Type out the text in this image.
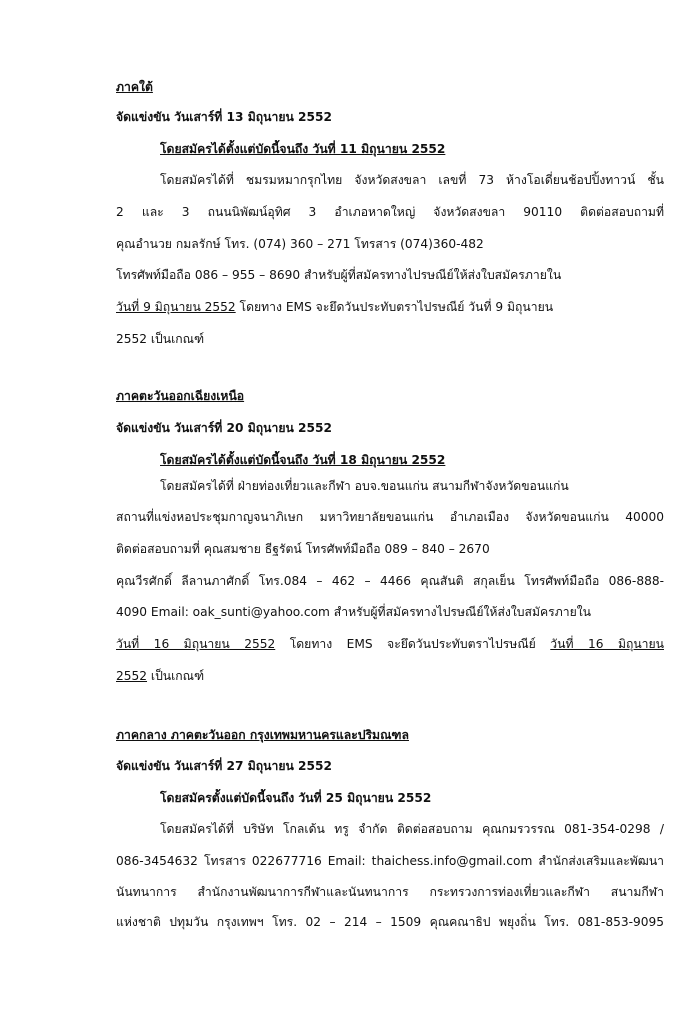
ภาคใต้
จัดแข่งขัน วันเสาร์ที่ 13 มิถุนายน 2552
โดยสมัครได้ตั้งแต่บัดนี้จนถึง วันที่ 11 มิถุนายน 2552
โดยสมัครได้ที่ ชมรมหมากรุกไทย จังหวัดสงขลา เลขที่ 73 ห้างโอเดี่ยนช้อปปิ้งทาวน์ ชั้น
2 และ 3 ถนนนิพัฒน์อุทิศ 3 อำเภอหาดใหญ่ จังหวัดสงขลา 90110 ติดต่อสอบถามที่
คุณอำนวย กมลรักษ์ โทร. (074) 360 – 271 โทรสาร (074)360-482
โทรศัพท์มือถือ 086 – 955 – 8690 สำหรับผู้ที่สมัครทางไปรษณีย์ให้ส่งใบสมัครภายใน
วันที่ 9 มิถุนายน 2552 โดยทาง EMS จะยึดวันประทับตราไปรษณีย์ วันที่ 9 มิถุนายน
2552 เป็นเกณฑ์
ภาคตะวันออกเฉียงเหนือ
จัดแข่งขัน วันเสาร์ที่ 20 มิถุนายน 2552
โดยสมัครได้ตั้งแต่บัดนี้จนถึง วันที่ 18 มิถุนายน 2552
โดยสมัครได้ที่ ฝ่ายท่องเที่ยวและกีฬา อบจ.ขอนแก่น สนามกีฬาจังหวัดขอนแก่น
สถานที่แข่งหอประชุมกาญจนาภิเษก มหาวิทยาลัยขอนแก่น อำเภอเมือง จังหวัดขอนแก่น 40000
ติดต่อสอบถามที่ คุณสมชาย ธีฐรัตน์ โทรศัพท์มือถือ 089 – 840 – 2670
คุณวีรศักดิ์ ลีลานภาศักดิ์ โทร.084 – 462 – 4466 คุณสันติ สกุลเย็น โทรศัพท์มือถือ 086-888-
4090 Email: oak_sunti@yahoo.com สำหรับผู้ที่สมัครทางไปรษณีย์ให้ส่งใบสมัครภายใน
วันที่ 16 มิถุนายน 2552 โดยทาง EMS จะยึดวันประทับตราไปรษณีย์ วันที่ 16 มิถุนายน
2552 เป็นเกณฑ์
ภาคกลาง ภาคตะวันออก กรุงเทพมหานครและปริมณฑล
จัดแข่งขัน วันเสาร์ที่ 27 มิถุนายน 2552
โดยสมัครตั้งแต่บัดนี้จนถึง วันที่ 25 มิถุนายน 2552
โดยสมัครได้ที่ บริษัท โกลเด้น ทรู จำกัด ติดต่อสอบถาม คุณกมรวรรณ 081-354-0298 /
086-3454632 โทรสาร 022677716 Email: thaichess.info@gmail.com สำนักส่งเสริมและพัฒนา
นันทนาการ สำนักงานพัฒนาการกีฬาและนันทนาการ กระทรวงการท่องเที่ยวและกีฬา สนามกีฬา
แห่งชาติ ปทุมวัน กรุงเทพฯ โทร. 02 – 214 – 1509 คุณคณาธิป พยุงถิ่น โทร. 081-853-9095
